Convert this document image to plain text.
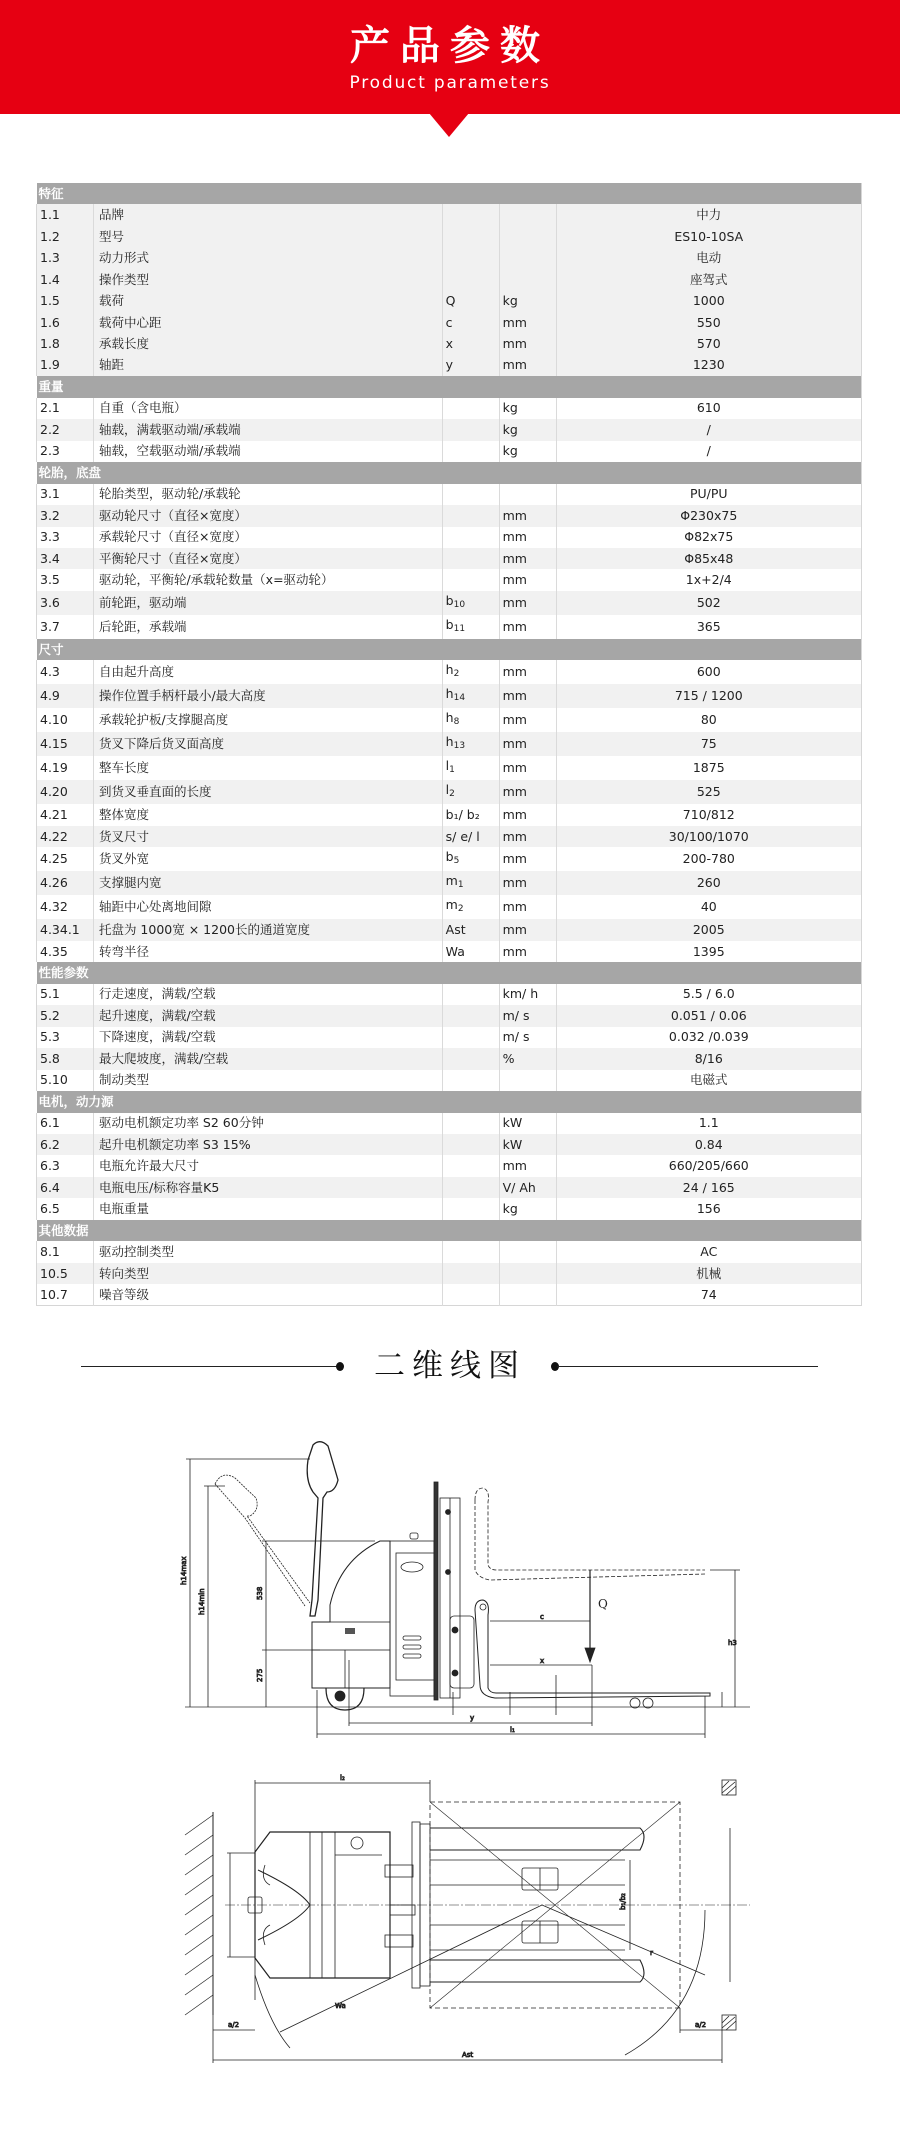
产品参数
Product parameters
特征				
1.1	品牌			中力
1.2	型号			ES10-10SA
1.3	动力形式			电动
1.4	操作类型			座驾式
1.5	载荷	Q	kg	1000
1.6	载荷中心距	c	mm	550
1.8	承载长度	x	mm	570
1.9	轴距	y	mm	1230
重量				
2.1	自重（含电瓶）		kg	610
2.2	轴载，满载驱动端/承载端		kg	/
2.3	轴载，空载驱动端/承载端		kg	/
轮胎，底盘				
3.1	轮胎类型，驱动轮/承载轮			PU/PU
3.2	驱动轮尺寸（直径×宽度）		mm	Φ230x75
3.3	承载轮尺寸（直径×宽度）		mm	Φ82x75
3.4	平衡轮尺寸（直径×宽度）		mm	Φ85x48
3.5	驱动轮，平衡轮/承载轮数量（x=驱动轮）		mm	1x+2/4
3.6	前轮距，驱动端	$b_{10}$	mm	502
3.7	后轮距，承载端	$b_{11}$	mm	365
尺寸				
4.3	自由起升高度	$h_2$	mm	600
4.9	操作位置手柄杆最小/最大高度	$h_{14}$	mm	715 / 1200
4.10	承载轮护板/支撑腿高度	$h_8$	mm	80
4.15	货叉下降后货叉面高度	$h_{13}$	mm	75
4.19	整车长度	$l_1$	mm	1875
4.20	到货叉垂直面的长度	$l_2$	mm	525
4.21	整体宽度	b₁/ b₂	mm	710/812
4.22	货叉尺寸	s/ e/ l	mm	30/100/1070
4.25	货叉外宽	$b_5$	mm	200-780
4.26	支撑腿内宽	$m_1$	mm	260
4.32	轴距中心处离地间隙	$m_2$	mm	40
4.34.1	托盘为 1000宽 × 1200长的通道宽度	Ast	mm	2005
4.35	转弯半径	Wa	mm	1395
性能参数				
5.1	行走速度，满载/空载		km/ h	5.5 / 6.0
5.2	起升速度，满载/空载		m/ s	0.051 / 0.06
5.3	下降速度，满载/空载		m/ s	0.032 /0.039
5.8	最大爬坡度，满载/空载		%	8/16
5.10	制动类型			电磁式
电机，动力源				
6.1	驱动电机额定功率 S2 60分钟		kW	1.1
6.2	起升电机额定功率 S3 15%		kW	0.84
6.3	电瓶允许最大尺寸		mm	660/205/660
6.4	电瓶电压/标称容量K5		V/ Ah	24 / 165
6.5	电瓶重量		kg	156
其他数据				
8.1	驱动控制类型			AC
10.5	转向类型			机械
10.7	噪音等级			74
二维线图
h14max
h14min	538
275
Q
c
x
y
l₁
h3
l₂
b₁/b₂
Wa
r
a/2	a/2
Ast
